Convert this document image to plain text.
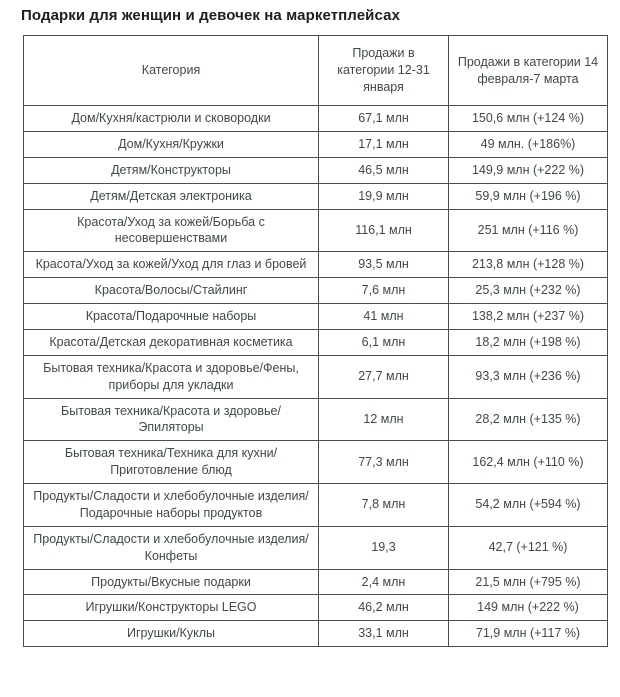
Подарки для женщин и девочек на маркетплейсах
Категория	Продажи в категории 12-31 января	Продажи в категории 14 февраля-7 марта
Дом/Кухня/кастрюли и сковородки	67,1 млн	150,6 млн (+124 %)
Дом/Кухня/Кружки	17,1 млн	49 млн. (+186%)
Детям/Конструкторы	46,5 млн	149,9 млн (+222 %)
Детям/Детская электроника	19,9 млн	59,9 млн (+196 %)
Красота/Уход за кожей/Борьба с несовершенствами	116,1 млн	251 млн (+116 %)
Красота/Уход за кожей/Уход для глаз и бровей	93,5 млн	213,8 млн (+128 %)
Красота/Волосы/Стайлинг	7,6 млн	25,3 млн (+232 %)
Красота/Подарочные наборы	41 млн	138,2 млн (+237 %)
Красота/Детская декоративная косметика	6,1 млн	18,2 млн (+198 %)
Бытовая техника/Красота и здоровье/Фены, приборы для укладки	27,7 млн	93,3 млн (+236 %)
Бытовая техника/Красота и здоровье/ Эпиляторы	12 млн	28,2 млн (+135 %)
Бытовая техника/Техника для кухни/ Приготовление блюд	77,3 млн	162,4 млн (+110 %)
Продукты/Сладости и хлебобулочные изделия/Подарочные наборы продуктов	7,8 млн	54,2 млн (+594 %)
Продукты/Сладости и хлебобулочные изделия/Конфеты	19,3	42,7 (+121 %)
Продукты/Вкусные подарки	2,4 млн	21,5 млн (+795 %)
Игрушки/Конструкторы LEGO	46,2 млн	149 млн (+222 %)
Игрушки/Куклы	33,1 млн	71,9 млн (+117 %)
